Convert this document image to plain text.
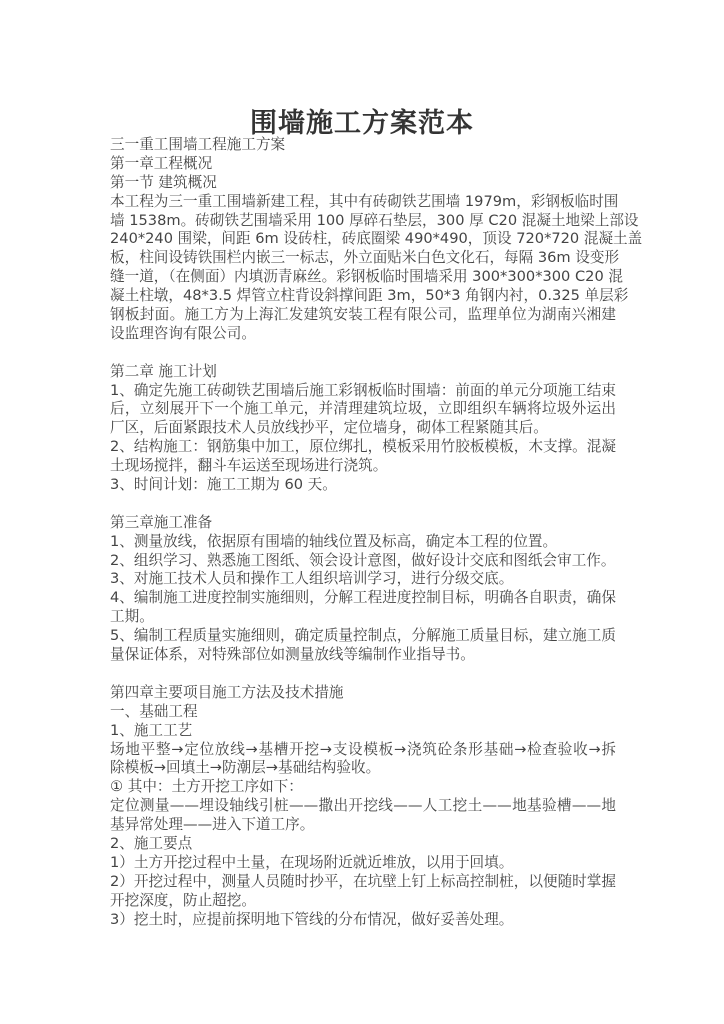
围墙施工方案范本
三一重工围墙工程施工方案
第一章工程概况
第一节 建筑概况
本工程为三一重工围墙新建工程，其中有砖砌铁艺围墙 1979m，彩钢板临时围
墙 1538m。砖砌铁艺围墙采用 100 厚碎石垫层，300 厚 C20 混凝土地梁上部设
240*240 围梁，间距 6m 设砖柱，砖底圈梁 490*490，顶设 720*720 混凝土盖
板，柱间设铸铁围栏内嵌三一标志，外立面贴米白色文化石，每隔 36m 设变形
缝一道，（在侧面）内填沥青麻丝。彩钢板临时围墙采用 300*300*300 C20 混
凝土柱墩，48*3.5 焊管立柱背设斜撑间距 3m，50*3 角钢内衬，0.325 单层彩
钢板封面。施工方为上海汇发建筑安装工程有限公司，监理单位为湖南兴湘建
设监理咨询有限公司。
第二章 施工计划
1、确定先施工砖砌铁艺围墙后施工彩钢板临时围墙：前面的单元分项施工结束
后，立刻展开下一个施工单元，并清理建筑垃圾，立即组织车辆将垃圾外运出
厂区，后面紧跟技术人员放线抄平，定位墙身，砌体工程紧随其后。
2、结构施工：钢筋集中加工，原位绑扎，模板采用竹胶板模板，木支撑。混凝
土现场搅拌，翻斗车运送至现场进行浇筑。
3、时间计划：施工工期为 60 天。
第三章施工准备
1、测量放线，依据原有围墙的轴线位置及标高，确定本工程的位置。
2、组织学习、熟悉施工图纸、领会设计意图，做好设计交底和图纸会审工作。
3、对施工技术人员和操作工人组织培训学习，进行分级交底。
4、编制施工进度控制实施细则，分解工程进度控制目标，明确各自职责，确保
工期。
5、编制工程质量实施细则，确定质量控制点，分解施工质量目标，建立施工质
量保证体系，对特殊部位如测量放线等编制作业指导书。
第四章主要项目施工方法及技术措施
一、基础工程
1、施工工艺
场地平整→定位放线→基槽开挖→支设模板→浇筑砼条形基础→检查验收→拆
除模板→回填土→防潮层→基础结构验收。
① 其中：土方开挖工序如下：
定位测量——埋设轴线引桩——撒出开挖线——人工挖土——地基验槽——地
基异常处理——进入下道工序。
2、施工要点
1）土方开挖过程中土量，在现场附近就近堆放，以用于回填。
2）开挖过程中，测量人员随时抄平，在坑壁上钉上标高控制桩，以便随时掌握
开挖深度，防止超挖。
3）挖土时，应提前探明地下管线的分布情况，做好妥善处理。
